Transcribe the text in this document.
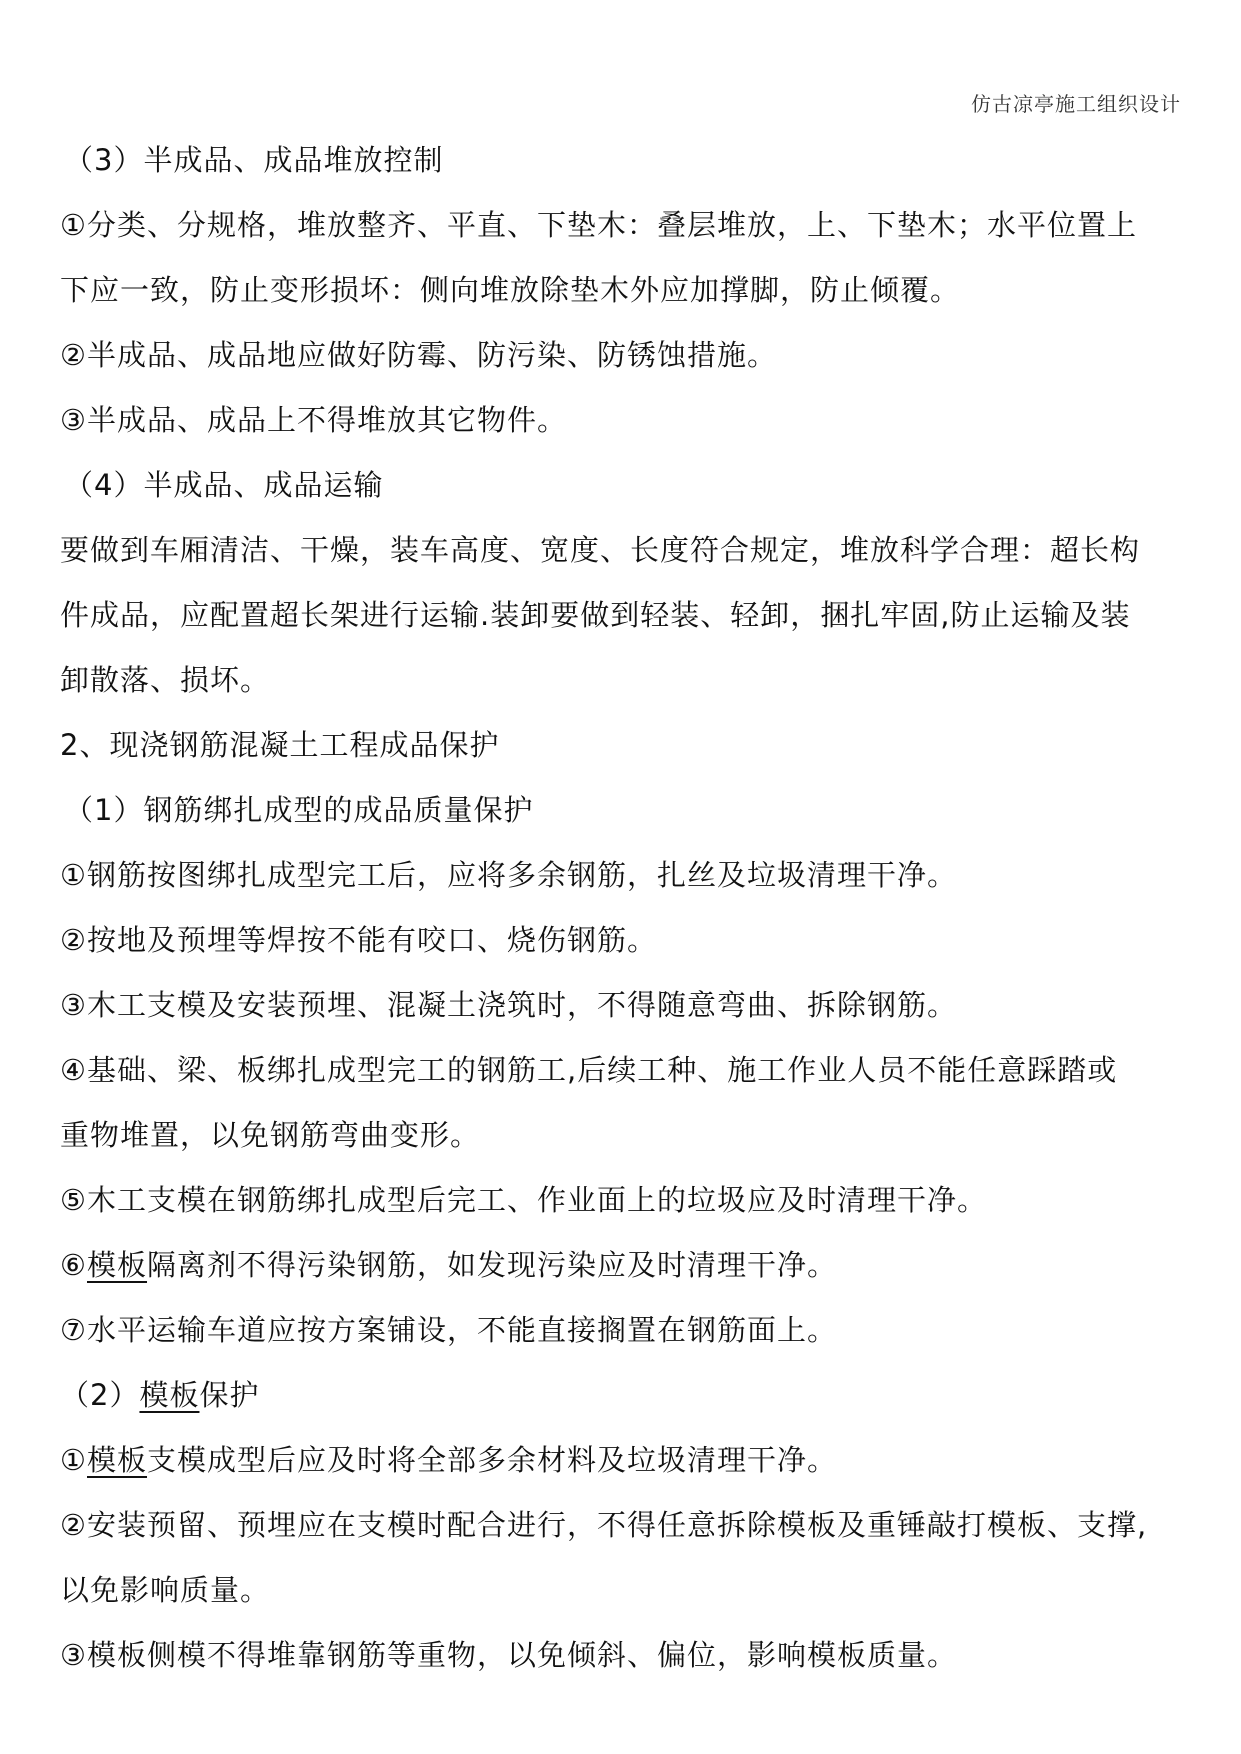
仿古凉亭施工组织设计
（3）半成品、成品堆放控制
①分类、分规格，堆放整齐、平直、下垫木：叠层堆放，上、下垫木；水平位置上
下应一致，防止变形损坏：侧向堆放除垫木外应加撑脚，防止倾覆。
②半成品、成品地应做好防霉、防污染、防锈蚀措施。
③半成品、成品上不得堆放其它物件。
（4）半成品、成品运输
要做到车厢清洁、干燥，装车高度、宽度、长度符合规定，堆放科学合理：超长构
件成品，应配置超长架进行运输.装卸要做到轻装、轻卸，捆扎牢固,防止运输及装
卸散落、损坏。
2、现浇钢筋混凝土工程成品保护
（1）钢筋绑扎成型的成品质量保护
①钢筋按图绑扎成型完工后，应将多余钢筋，扎丝及垃圾清理干净。
②按地及预埋等焊按不能有咬口、烧伤钢筋。
③木工支模及安装预埋、混凝土浇筑时，不得随意弯曲、拆除钢筋。
④基础、梁、板绑扎成型完工的钢筋工,后续工种、施工作业人员不能任意踩踏或
重物堆置，以免钢筋弯曲变形。
⑤木工支模在钢筋绑扎成型后完工、作业面上的垃圾应及时清理干净。
⑥ 模板 隔离剂不得污染钢筋，如发现污染应及时清理干净。
⑦水平运输车道应按方案铺设，不能直接搁置在钢筋面上。
（2） 模板 保护
① 模板 支模成型后应及时将全部多余材料及垃圾清理干净。
②安装预留、预埋应在支模时配合进行，不得任意拆除模板及重锤敲打模板、支撑,
以免影响质量。
③模板侧模不得堆靠钢筋等重物，以免倾斜、偏位，影响模板质量。
